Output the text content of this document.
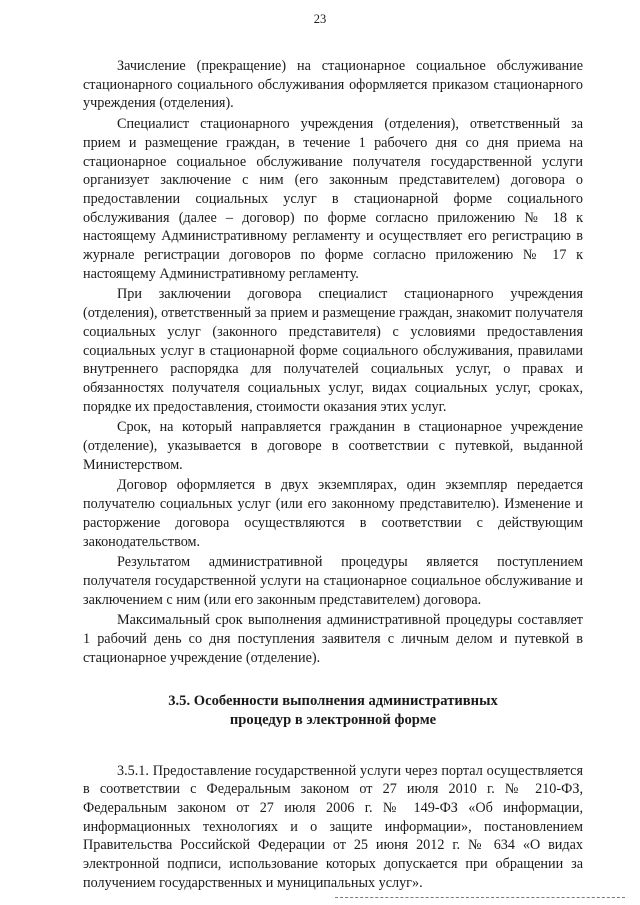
23

Зачисление (прекращение) на стационарное социальное обслуживание стационарного социального обслуживания оформляется приказом стационарного учреждения (отделения).

Специалист стационарного учреждения (отделения), ответственный за прием и размещение граждан, в течение 1 рабочего дня со дня приема на стационарное социальное обслуживание получателя государственной услуги организует заключение с ним (его законным представителем) договора о предоставлении социальных услуг в стационарной форме социального обслуживания (далее – договор) по форме согласно приложению № 18 к настоящему Административному регламенту и осуществляет его регистрацию в журнале регистрации договоров по форме согласно приложению № 17 к настоящему Административному регламенту.

При заключении договора специалист стационарного учреждения (отделения), ответственный за прием и размещение граждан, знакомит получателя социальных услуг (законного представителя) с условиями предоставления социальных услуг в стационарной форме социального обслуживания, правилами внутреннего распорядка для получателей социальных услуг, о правах и обязанностях получателя социальных услуг, видах социальных услуг, сроках, порядке их предоставления, стоимости оказания этих услуг.

Срок, на который направляется гражданин в стационарное учреждение (отделение), указывается в договоре в соответствии с путевкой, выданной Министерством.

Договор оформляется в двух экземплярах, один экземпляр передается получателю социальных услуг (или его законному представителю). Изменение и расторжение договора осуществляются в соответствии с действующим законодательством.

Результатом административной процедуры является поступлением получателя государственной услуги на стационарное социальное обслуживание и заключением с ним (или его законным представителем) договора.

Максимальный срок выполнения административной процедуры составляет 1 рабочий день со дня поступления заявителя с личным делом и путевкой в стационарное учреждение (отделение).

3.5. Особенности выполнения административных
процедур в электронной форме

3.5.1. Предоставление государственной услуги через портал осуществляется в соответствии с Федеральным законом от 27 июля 2010 г. № 210-ФЗ, Федеральным законом от 27 июля 2006 г. № 149-ФЗ «Об информации, информационных технологиях и о защите информации», постановлением Правительства Российской Федерации от 25 июня 2012 г. № 634 «О видах электронной подписи, использование которых допускается при обращении за получением государственных и муниципальных услуг».
